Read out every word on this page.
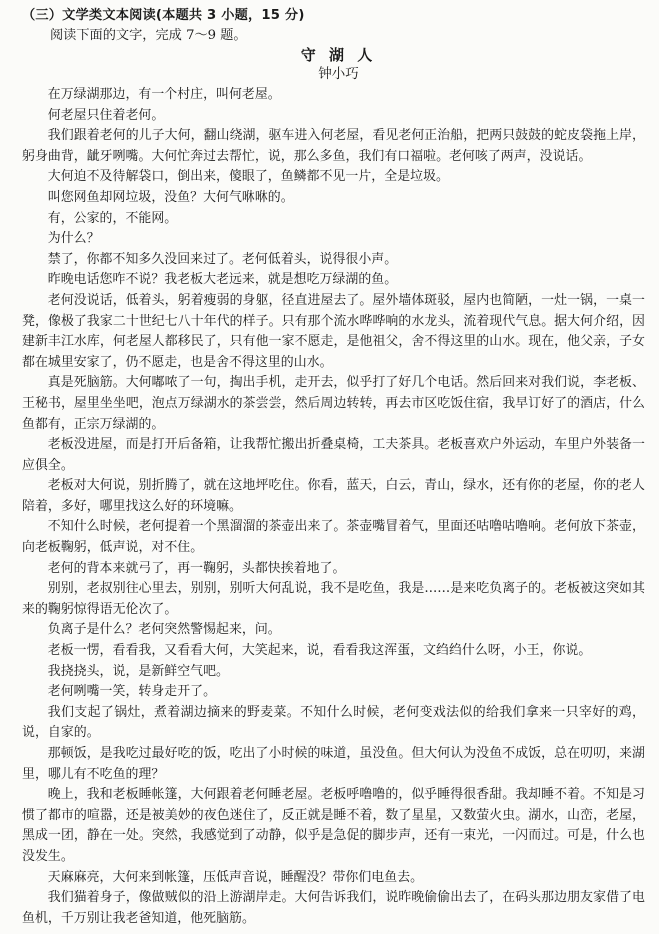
（三）文学类文本阅读(本题共 3 小题，15 分)

阅读下面的文字，完成 7～9 题。

守 湖 人

钟小巧

在万绿湖那边，有一个村庄，叫何老屋。

何老屋只住着老何。

我们跟着老何的儿子大何，翻山绕湖，驱车进入何老屋，看见老何正治船，把两只鼓鼓的蛇皮袋拖上岸，躬身曲背，龇牙咧嘴。大何忙奔过去帮忙，说，那么多鱼，我们有口福啦。老何咳了两声，没说话。

大何迫不及待解袋口，倒出来，傻眼了，鱼鳞都不见一片，全是垃圾。

叫您网鱼却网垃圾，没鱼？大何气咻咻的。

有，公家的，不能网。

为什么？

禁了，你都不知多久没回来过了。老何低着头，说得很小声。

昨晚电话您咋不说？我老板大老远来，就是想吃万绿湖的鱼。

老何没说话，低着头，躬着瘦弱的身躯，径直进屋去了。屋外墙体斑驳，屋内也简陋，一灶一锅，一桌一凳，像极了我家二十世纪七八十年代的样子。只有那个流水哗哗响的水龙头，流着现代气息。据大何介绍，因建新丰江水库，何老屋人都移民了，只有他一家不愿走，是他祖父，舍不得这里的山水。现在，他父亲，子女都在城里安家了，仍不愿走，也是舍不得这里的山水。

真是死脑筋。大何嘟哝了一句，掏出手机，走开去，似乎打了好几个电话。然后回来对我们说，李老板、王秘书，屋里坐坐吧，泡点万绿湖水的茶尝尝，然后周边转转，再去市区吃饭住宿，我早订好了的酒店，什么鱼都有，正宗万绿湖的。

老板没进屋，而是打开后备箱，让我帮忙搬出折叠桌椅，工夫茶具。老板喜欢户外运动，车里户外装备一应俱全。

老板对大何说，别折腾了，就在这地坪吃住。你看，蓝天，白云，青山，绿水，还有你的老屋，你的老人陪着，多好，哪里找这么好的环境嘛。

不知什么时候，老何提着一个黑溜溜的茶壶出来了。茶壶嘴冒着气，里面还咕噜咕噜响。老何放下茶壶，向老板鞠躬，低声说，对不住。

老何的背本来就弓了，再一鞠躬，头都快挨着地了。

别别，老叔别往心里去，别别，别听大何乱说，我不是吃鱼，我是……是来吃负离子的。老板被这突如其来的鞠躬惊得语无伦次了。

负离子是什么？老何突然警惕起来，问。

老板一愣，看看我，又看看大何，大笑起来，说，看看我这浑蛋，文绉绉什么呀，小王，你说。

我挠挠头，说，是新鲜空气吧。

老何咧嘴一笑，转身走开了。

我们支起了锅灶，煮着湖边摘来的野麦菜。不知什么时候，老何变戏法似的给我们拿来一只宰好的鸡，说，自家的。

那顿饭，是我吃过最好吃的饭，吃出了小时候的味道，虽没鱼。但大何认为没鱼不成饭，总在叨叨，来湖里，哪儿有不吃鱼的理？

晚上，我和老板睡帐篷，大何跟着老何睡老屋。老板呼噜噜的，似乎睡得很香甜。我却睡不着。不知是习惯了都市的喧嚣，还是被美妙的夜色迷住了，反正就是睡不着，数了星星，又数萤火虫。湖水，山峦，老屋，黑成一团，静在一处。突然，我感觉到了动静，似乎是急促的脚步声，还有一束光，一闪而过。可是，什么也没发生。

天麻麻亮，大何来到帐篷，压低声音说，睡醒没？带你们电鱼去。

我们猫着身子，像做贼似的沿上游湖岸走。大何告诉我们，说昨晚偷偷出去了，在码头那边朋友家借了电鱼机，千万别让我老爸知道，他死脑筋。
